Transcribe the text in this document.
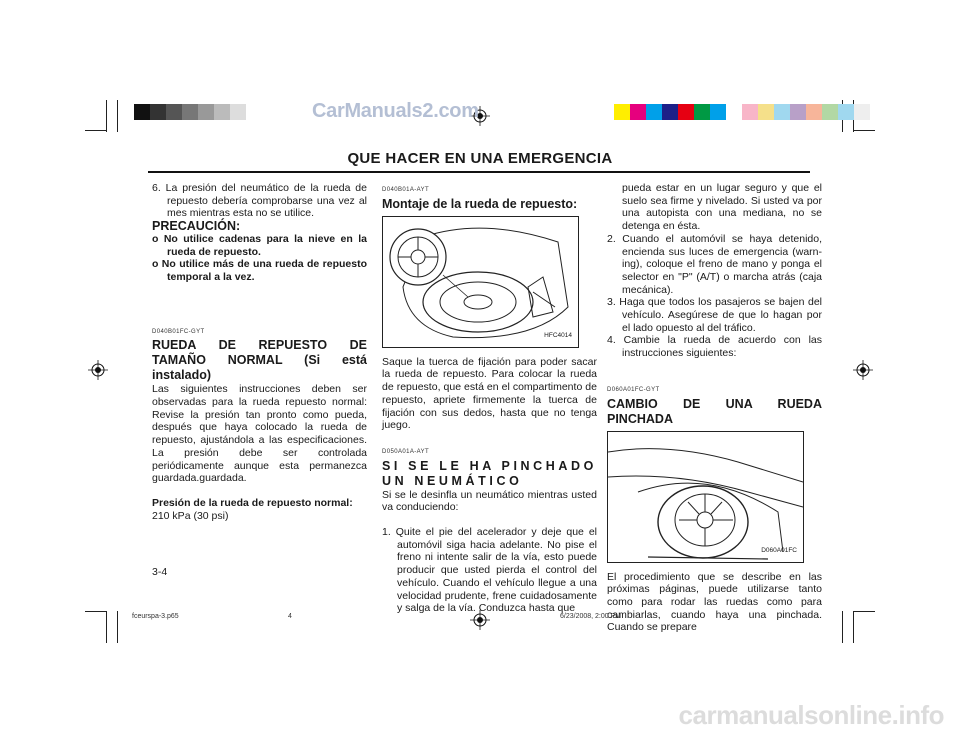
CarManuals2.com
QUE HACER EN UNA EMERGENCIA

6. La presión del neumático de la rueda de repuesto debería comprobarse una vez al mes mientras esta no se utilice.

PRECAUCIÓN:

o No utilice cadenas para la nieve en la rueda de repuesto.

o No utilice más de una rueda de repuesto temporal a la vez.

D040B01FC-GYT

RUEDA DE REPUESTO DE TAMAÑO NORMAL (Si está instalado)

Las siguientes instrucciones deben ser observadas para la rueda repuesto normal: Revise la presión tan pronto como pueda, después que haya colocado la rueda de repuesto, ajustándola a las especificaciones. La presión debe ser controlada periódicamente aunque esta permanezca guardada.guardada.

Presión de la rueda de repuesto normal:

210 kPa (30 psi)

D040B01A-AYT

Montaje de la rueda de repuesto:

HFC4014

Saque la tuerca de fijación para poder sacar la rueda de repuesto. Para colocar la rueda de repuesto, que está en el compartimento de repuesto, apriete firmemente la tuerca de fijación con sus dedos, hasta que no tenga juego.

D050A01A-AYT

SI SE LE HA PINCHADO UN NEUMÁTICO

Si se le desinfla un neumático mientras usted va conduciendo:

1. Quite el pie del acelerador y deje que el automóvil siga hacia adelante. No pise el freno ni intente salir de la vía, esto puede producir que usted pierda el control del vehículo. Cuando el vehículo llegue a una velocidad prudente, frene cuidadosamente y salga de la vía. Conduzca hasta que

pueda estar en un lugar seguro y que el suelo sea firme y nivelado. Si usted va por una autopista con una mediana, no se detenga en ésta.

2. Cuando el automóvil se haya detenido, encienda sus luces de emergencia (warn-ing), coloque el freno de mano y ponga el selector en "P" (A/T) o marcha atrás (caja mecánica).

3. Haga que todos los pasajeros se bajen del vehículo. Asegúrese de que lo hagan por el lado opuesto al del tráfico.

4. Cambie la rueda de acuerdo con las instrucciones siguientes:

D060A01FC-GYT

CAMBIO DE UNA RUEDA PINCHADA

D060A01FC

El procedimiento que se describe en las próximas páginas, puede utilizarse tanto como para rodar las ruedas como para cambiarlas, cuando haya una pinchada. Cuando se prepare

3-4
fceurspa-3.p65	4	6/23/2008, 2:00 PM
carmanualsonline.info
